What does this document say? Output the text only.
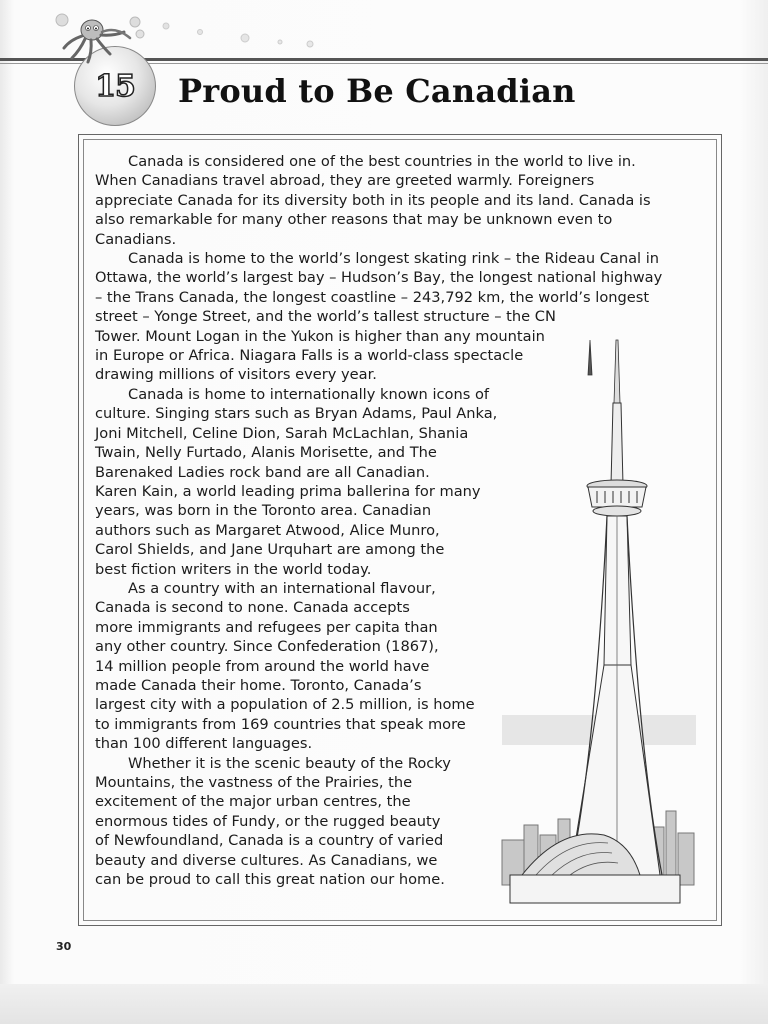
15	Proud to Be Canadian

Canada is considered one of the best countries in the world to live in.
When Canadians travel abroad, they are greeted warmly. Foreigners
appreciate Canada for its diversity both in its people and its land. Canada is
also remarkable for many other reasons that may be unknown even to
Canadians.

Canada is home to the world’s longest skating rink – the Rideau Canal in
Ottawa, the world’s largest bay – Hudson’s Bay, the longest national highway
– the Trans Canada, the longest coastline – 243,792 km, the world’s longest
street – Yonge Street, and the world’s tallest structure – the CN
Tower. Mount Logan in the Yukon is higher than any mountain
in Europe or Africa. Niagara Falls is a world-class spectacle
drawing millions of visitors every year.

Canada is home to internationally known icons of
culture. Singing stars such as Bryan Adams, Paul Anka,
Joni Mitchell, Celine Dion, Sarah McLachlan, Shania
Twain, Nelly Furtado, Alanis Morisette, and The
Barenaked Ladies rock band are all Canadian.
Karen Kain, a world leading prima ballerina for many
years, was born in the Toronto area. Canadian
authors such as Margaret Atwood, Alice Munro,
Carol Shields, and Jane Urquhart are among the
best fiction writers in the world today.

As a country with an international flavour,
Canada is second to none. Canada accepts
more immigrants and refugees per capita than
any other country. Since Confederation (1867),
14 million people from around the world have
made Canada their home. Toronto, Canada’s
largest city with a population of 2.5 million, is home
to immigrants from 169 countries that speak more
than 100 different languages.

Whether it is the scenic beauty of the Rocky
Mountains, the vastness of the Prairies, the
excitement of the major urban centres, the
enormous tides of Fundy, or the rugged beauty
of Newfoundland, Canada is a country of varied
beauty and diverse cultures. As Canadians, we
can be proud to call this great nation our home.

30
